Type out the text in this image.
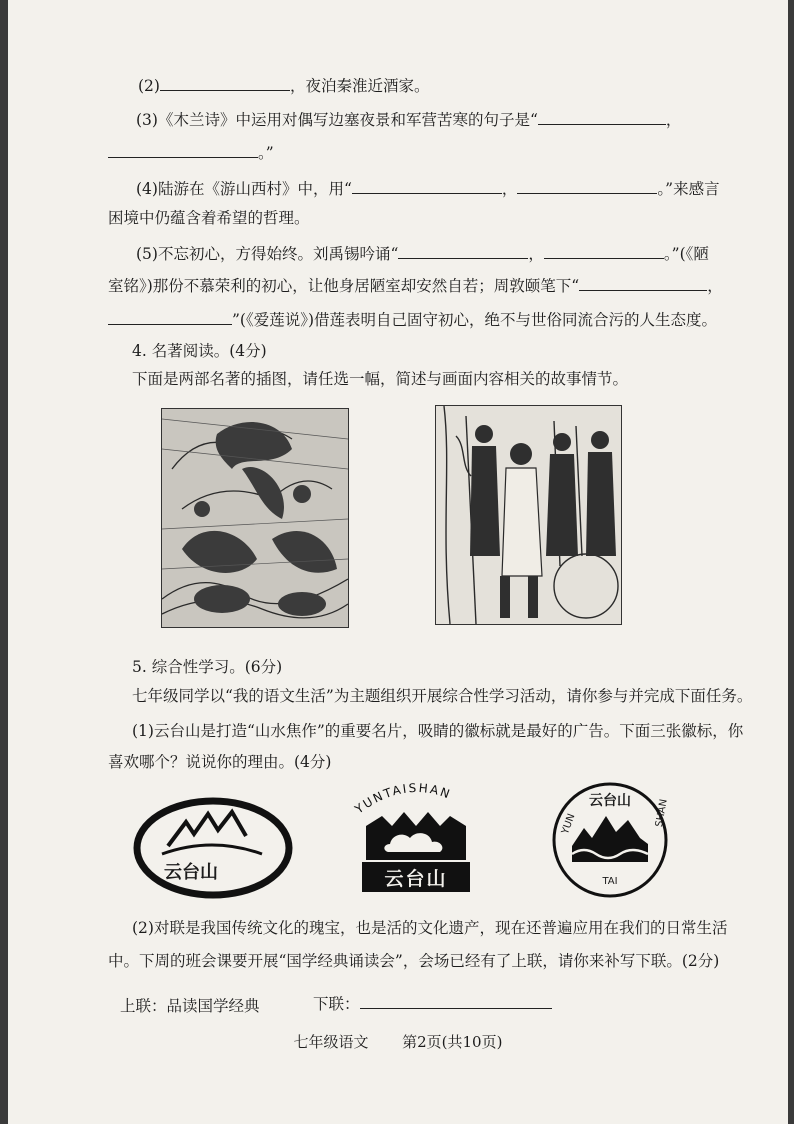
(2)	，夜泊秦淮近酒家。
(3)《木兰诗》中运用对偶写边塞夜景和军营苦寒的句子是“	，
。”
(4)陆游在《游山西村》中，用“	，	。”来感言
困境中仍蕴含着希望的哲理。
(5)不忘初心，方得始终。刘禹锡吟诵“	，	。”(《陋
室铭》)那份不慕荣利的初心，让他身居陋室却安然自若；周敦颐笔下“	，
”(《爱莲说》)借莲表明自己固守初心，绝不与世俗同流合污的人生态度。
4. 名著阅读。(4分)
下面是两部名著的插图，请任选一幅，简述与画面内容相关的故事情节。
5. 综合性学习。(6分)
七年级同学以“我的语文生活”为主题组织开展综合性学习活动，请你参与并完成下面任务。
(1)云台山是打造“山水焦作”的重要名片，吸睛的徽标就是最好的广告。下面三张徽标，你
喜欢哪个？说说你的理由。(4分)
云台山
YUNTAISHAN
云台山
云台山
YUN
TAI
SHAN
(2)对联是我国传统文化的瑰宝，也是活的文化遗产，现在还普遍应用在我们的日常生活
中。下周的班会课要开展“国学经典诵读会”，会场已经有了上联，请你来补写下联。(2分)
上联：品读国学经典	下联：
七年级语文 第2页(共10页)
